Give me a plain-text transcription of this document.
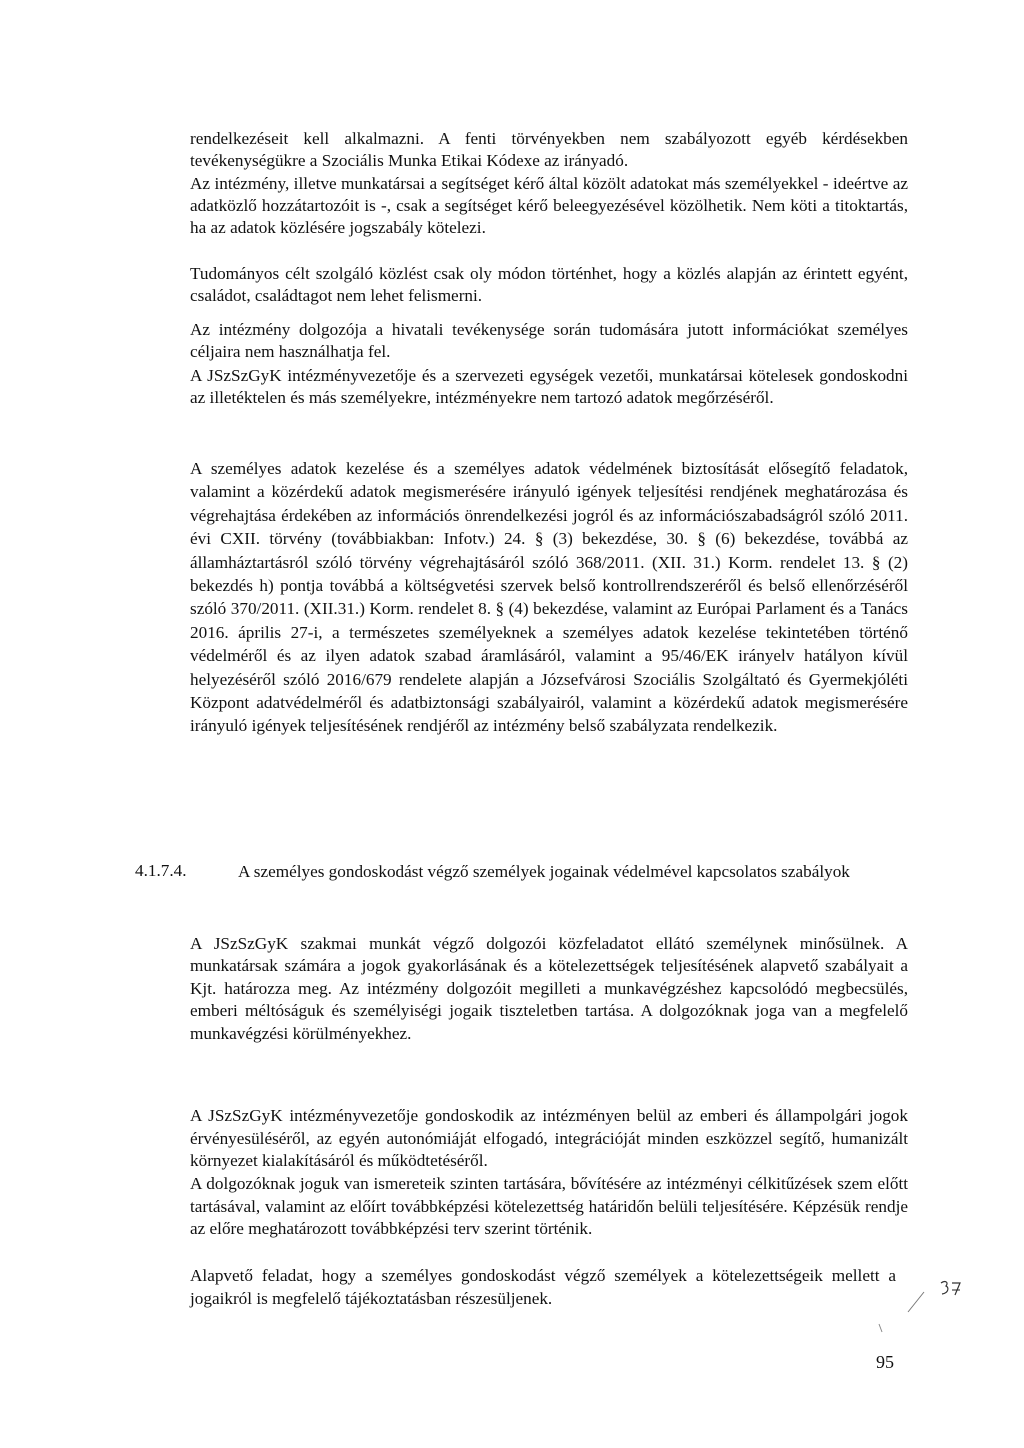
rendelkezéseit kell alkalmazni. A fenti törvényekben nem szabályozott egyéb kérdésekben tevékenységükre a Szociális Munka Etikai Kódexe az irányadó.

Az intézmény, illetve munkatársai a segítséget kérő által közölt adatokat más személyekkel - ideértve az adatközlő hozzátartozóit is -, csak a segítséget kérő beleegyezésével közölhetik. Nem köti a titoktartás, ha az adatok közlésére jogszabály kötelezi.

Tudományos célt szolgáló közlést csak oly módon történhet, hogy a közlés alapján az érintett egyént, családot, családtagot nem lehet felismerni.

Az intézmény dolgozója a hivatali tevékenysége során tudomására jutott információkat személyes céljaira nem használhatja fel.

A JSzSzGyK intézményvezetője és a szervezeti egységek vezetői, munkatársai kötelesek gondoskodni az illetéktelen és más személyekre, intézményekre nem tartozó adatok megőrzéséről.

A személyes adatok kezelése és a személyes adatok védelmének biztosítását elősegítő feladatok, valamint a közérdekű adatok megismerésére irányuló igények teljesítési rendjének meghatározása és végrehajtása érdekében az információs önrendelkezési jogról és az információszabadságról szóló 2011. évi CXII. törvény (továbbiakban: Infotv.) 24. § (3) bekezdése, 30. § (6) bekezdése, továbbá az államháztartásról szóló törvény végrehajtásáról szóló 368/2011. (XII. 31.) Korm. rendelet 13. § (2) bekezdés h) pontja továbbá a költségvetési szervek belső kontrollrendszeréről és belső ellenőrzéséről szóló 370/2011. (XII.31.) Korm. rendelet 8. § (4) bekezdése, valamint az Európai Parlament és a Tanács 2016. április 27-i, a természetes személyeknek a személyes adatok kezelése tekintetében történő védelméről és az ilyen adatok szabad áramlásáról, valamint a 95/46/EK irányelv hatályon kívül helyezéséről szóló 2016/679 rendelete alapján a Józsefvárosi Szociális Szolgáltató és Gyermekjóléti Központ adatvédelméről és adatbiztonsági szabályairól, valamint a közérdekű adatok megismerésére irányuló igények teljesítésének rendjéről az intézmény belső szabályzata rendelkezik.

4.1.7.4.	A személyes gondoskodást végző személyek jogainak védelmével kapcsolatos szabályok

A JSzSzGyK szakmai munkát végző dolgozói közfeladatot ellátó személynek minősülnek. A munkatársak számára a jogok gyakorlásának és a kötelezettségek teljesítésének alapvető szabályait a Kjt. határozza meg. Az intézmény dolgozóit megilleti a munkavégzéshez kapcsolódó megbecsülés, emberi méltóságuk és személyiségi jogaik tiszteletben tartása. A dolgozóknak joga van a megfelelő munkavégzési körülményekhez.

A JSzSzGyK intézményvezetője gondoskodik az intézményen belül az emberi és állampolgári jogok érvényesüléséről, az egyén autonómiáját elfogadó, integrációját minden eszközzel segítő, humanizált környezet kialakításáról és működtetéséről.

A dolgozóknak joguk van ismereteik szinten tartására, bővítésére az intézményi célkitűzések szem előtt tartásával, valamint az előírt továbbképzési kötelezettség határidőn belüli teljesítésére. Képzésük rendje az előre meghatározott továbbképzési terv szerint történik.

Alapvető feladat, hogy a személyes gondoskodást végző személyek a kötelezettségeik mellett a jogaikról is megfelelő tájékoztatásban részesüljenek.

95
